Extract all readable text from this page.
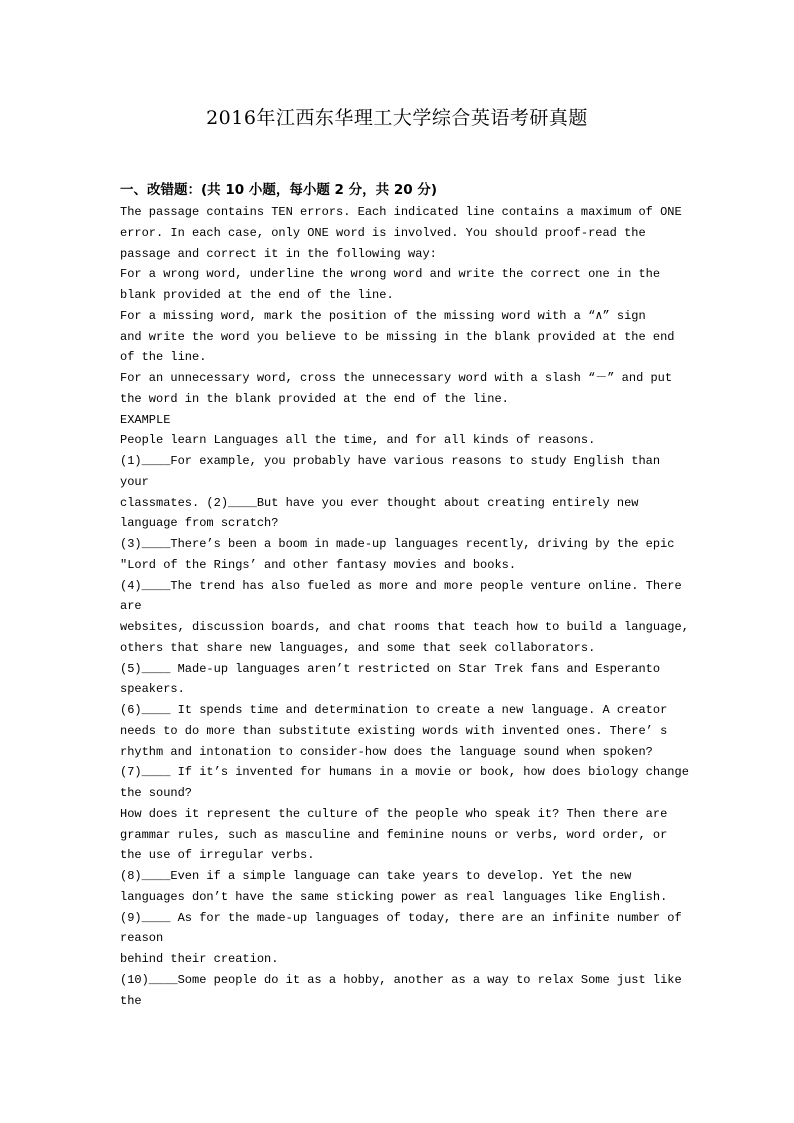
2016年江西东华理工大学综合英语考研真题
一、改错题：(共 10 小题，每小题 2 分，共 20 分)
The passage contains TEN errors. Each indicated line contains a maximum of ONE
error. In each case, only ONE word is involved. You should proof-read the
passage and correct it in the following way:
For a wrong word, underline the wrong word and write the correct one in the
blank provided at the end of the line.
For a missing word, mark the position of the missing word with a “∧” sign
and write the word you believe to be missing in the blank provided at the end
of the line.
For an unnecessary word, cross the unnecessary word with a slash “－” and put
the word in the blank provided at the end of the line.
EXAMPLE
People learn Languages all the time, and for all kinds of reasons.
(1)____For example, you probably have various reasons to study English than
your
classmates. (2)____But have you ever thought about creating entirely new
language from scratch?
(3)____There’s been a boom in made-up languages recently, driving by the epic
"Lord of the Rings’ and other fantasy movies and books.
(4)____The trend has also fueled as more and more people venture online. There
are
websites, discussion boards, and chat rooms that teach how to build a language,
others that share new languages, and some that seek collaborators.
(5)____ Made-up languages aren’t restricted on Star Trek fans and Esperanto
speakers.
(6)____ It spends time and determination to create a new language. A creator
needs to do more than substitute existing words with invented ones. There’ s
rhythm and intonation to consider-how does the language sound when spoken?
(7)____ If it’s invented for humans in a movie or book, how does biology change
the sound?
How does it represent the culture of the people who speak it? Then there are
grammar rules, such as masculine and feminine nouns or verbs, word order, or
the use of irregular verbs.
(8)____Even if a simple language can take years to develop. Yet the new
languages don’t have the same sticking power as real languages like English.
(9)____ As for the made-up languages of today, there are an infinite number of
reason
behind their creation.
(10)____Some people do it as a hobby, another as a way to relax Some just like
the
